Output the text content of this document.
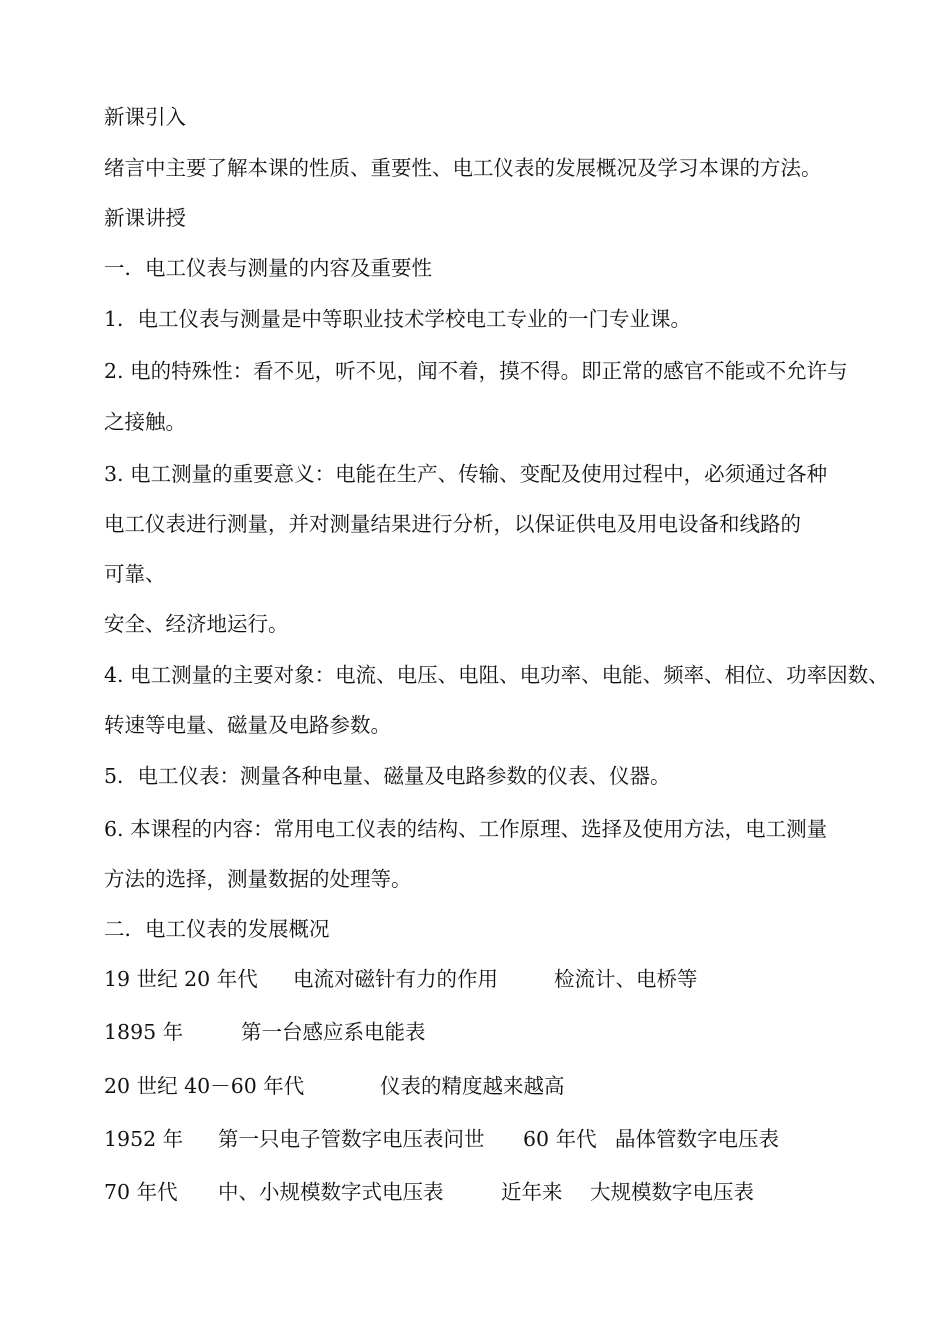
新课引入
绪言中主要了解本课的性质、重要性、电工仪表的发展概况及学习本课的方法。
新课讲授
一．电工仪表与测量的内容及重要性
1．电工仪表与测量是中等职业技术学校电工专业的一门专业课。
2. 电的特殊性：看不见，听不见，闻不着，摸不得。即正常的感官不能或不允许与
之接触。
3. 电工测量的重要意义：电能在生产、传输、变配及使用过程中，必须通过各种
电工仪表进行测量，并对测量结果进行分析，以保证供电及用电设备和线路的
可靠、
安全、经济地运行。
4. 电工测量的主要对象：电流、电压、电阻、电功率、电能、频率、相位、功率因数、
转速等电量、磁量及电路参数。
5．电工仪表：测量各种电量、磁量及电路参数的仪表、仪器。
6. 本课程的内容：常用电工仪表的结构、工作原理、选择及使用方法，电工测量
方法的选择，测量数据的处理等。
二．电工仪表的发展概况
19 世纪 20 年代 电流对磁针有力的作用	检流计、电桥等
1895 年	第一台感应系电能表
20 世纪 40－60 年代	仪表的精度越来越高
1952 年 第一只电子管数字电压表问世 60 年代 晶体管数字电压表
70 年代 中、小规模数字式电压表	近年来 大规模数字电压表
